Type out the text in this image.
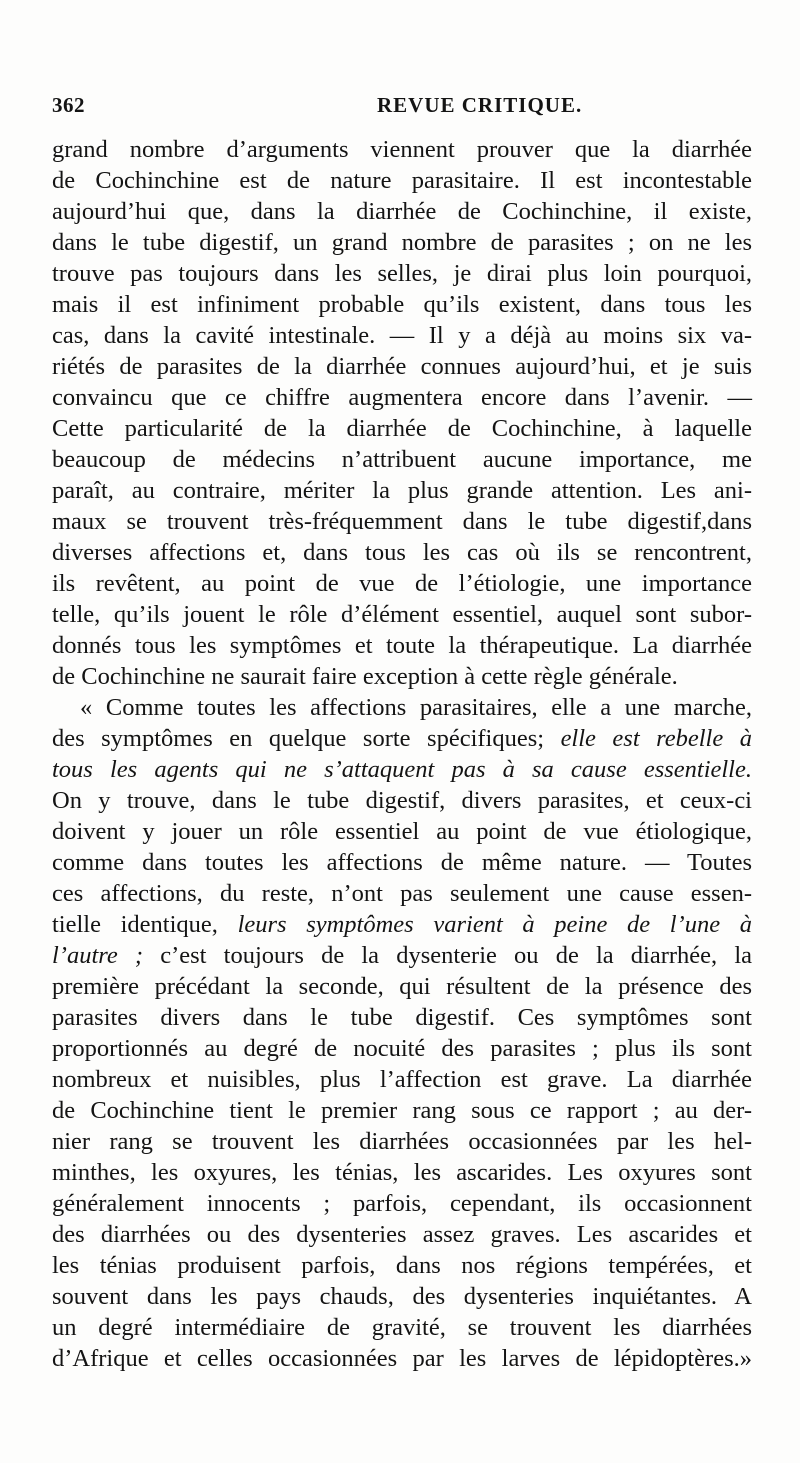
362	REVUE CRITIQUE.
grand nombre d’arguments viennent prouver que la diarrhée
de Cochinchine est de nature parasitaire. Il est incontestable
aujourd’hui que, dans la diarrhée de Cochinchine, il existe,
dans le tube digestif, un grand nombre de parasites ; on ne les
trouve pas toujours dans les selles, je dirai plus loin pourquoi,
mais il est infiniment probable qu’ils existent, dans tous les
cas, dans la cavité intestinale. — Il y a déjà au moins six va-
riétés de parasites de la diarrhée connues aujourd’hui, et je suis
convaincu que ce chiffre augmentera encore dans l’avenir. —
Cette particularité de la diarrhée de Cochinchine, à laquelle
beaucoup de médecins n’attribuent aucune importance, me
paraît, au contraire, mériter la plus grande attention. Les ani-
maux se trouvent très-fréquemment dans le tube digestif,dans
diverses affections et, dans tous les cas où ils se rencontrent,
ils revêtent, au point de vue de l’étiologie, une importance
telle, qu’ils jouent le rôle d’élément essentiel, auquel sont subor-
donnés tous les symptômes et toute la thérapeutique. La diarrhée
de Cochinchine ne saurait faire exception à cette règle générale.
« Comme toutes les affections parasitaires, elle a une marche,
des symptômes en quelque sorte spécifiques; elle est rebelle à
tous les agents qui ne s’attaquent pas à sa cause essentielle.
On y trouve, dans le tube digestif, divers parasites, et ceux-ci
doivent y jouer un rôle essentiel au point de vue étiologique,
comme dans toutes les affections de même nature. — Toutes
ces affections, du reste, n’ont pas seulement une cause essen-
tielle identique, leurs symptômes varient à peine de l’une à
l’autre ; c’est toujours de la dysenterie ou de la diarrhée, la
première précédant la seconde, qui résultent de la présence des
parasites divers dans le tube digestif. Ces symptômes sont
proportionnés au degré de nocuité des parasites ; plus ils sont
nombreux et nuisibles, plus l’affection est grave. La diarrhée
de Cochinchine tient le premier rang sous ce rapport ; au der-
nier rang se trouvent les diarrhées occasionnées par les hel-
minthes, les oxyures, les ténias, les ascarides. Les oxyures sont
généralement innocents ; parfois, cependant, ils occasionnent
des diarrhées ou des dysenteries assez graves. Les ascarides et
les ténias produisent parfois, dans nos régions tempérées, et
souvent dans les pays chauds, des dysenteries inquiétantes. A
un degré intermédiaire de gravité, se trouvent les diarrhées
d’Afrique et celles occasionnées par les larves de lépidoptères.»
